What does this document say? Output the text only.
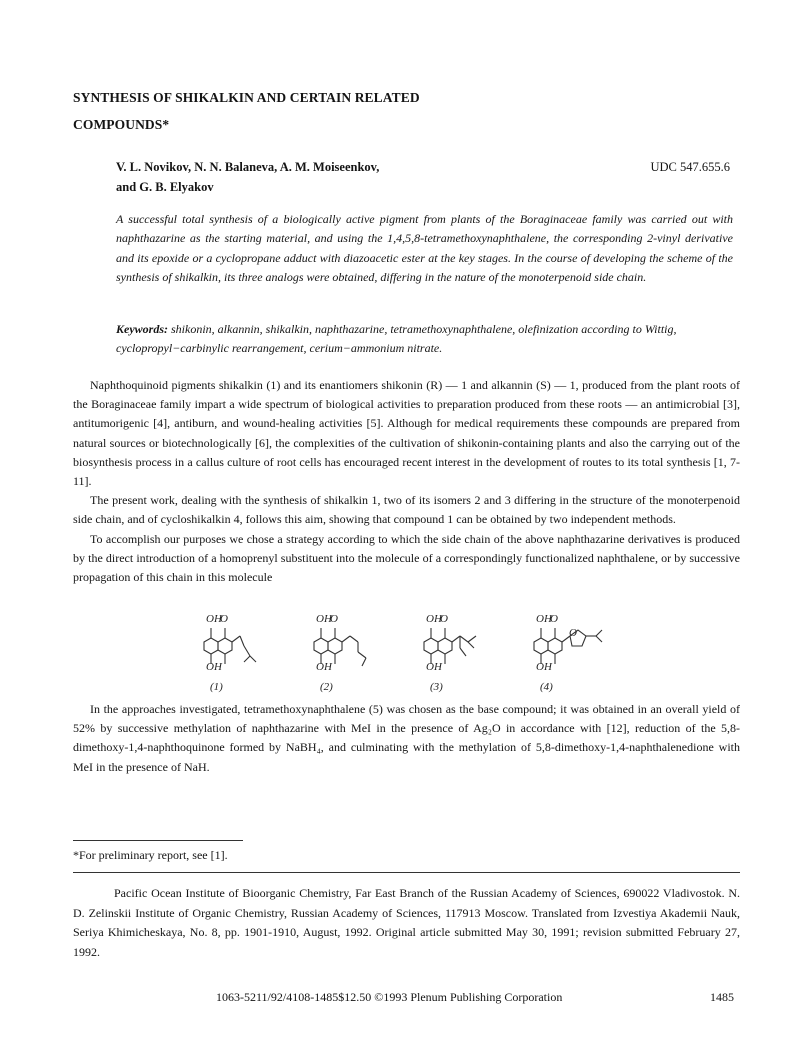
SYNTHESIS OF SHIKALKIN AND CERTAIN RELATED
COMPOUNDS*
V. L. Novikov, N. N. Balaneva, A. M. Moiseenkov,
and G. B. Elyakov
UDC 547.655.6
A successful total synthesis of a biologically active pigment from plants of the Boraginaceae family was carried out with naphthazarine as the starting material, and using the 1,4,5,8-tetramethoxynaphthalene, the corresponding 2-vinyl derivative and its epoxide or a cyclopropane adduct with diazoacetic ester at the key stages. In the course of developing the scheme of the synthesis of shikalkin, its three analogs were obtained, differing in the nature of the monoterpenoid side chain.
Keywords: shikonin, alkannin, shikalkin, naphthazarine, tetramethoxynaphthalene, olefinization according to Wittig, cyclopropyl−carbinylic rearrangement, cerium−ammonium nitrate.

Naphthoquinoid pigments shikalkin (1) and its enantiomers shikonin (R) — 1 and alkannin (S) — 1, produced from the plant roots of the Boraginaceae family impart a wide spectrum of biological activities to preparation produced from these roots — an antimicrobial [3], antitumorigenic [4], antiburn, and wound-healing activities [5]. Although for medical requirements these compounds are prepared from natural sources or biotechnologically [6], the complexities of the cultivation of shikonin-containing plants and also the carrying out of the biosynthesis process in a callus culture of root cells has encouraged recent interest in the development of routes to its total synthesis [1, 7-11].

The present work, dealing with the synthesis of shikalkin 1, two of its isomers 2 and 3 differing in the structure of the monoterpenoid side chain, and of cycloshikalkin 4, follows this aim, showing that compound 1 can be obtained by two independent methods.

To accomplish our purposes we chose a strategy according to which the side chain of the above naphthazarine derivatives is produced by the direct introduction of a homoprenyl substituent into the molecule of a correspondingly functionalized naphthalene, or by successive propagation of this chain in this molecule

OH
O
OH
OH
O
OH
OH
O
OH
OH
O
OH
O
(1)	(2)	(3)	(4)

In the approaches investigated, tetramethoxynaphthalene (5) was chosen as the base compound; it was obtained in an overall yield of 52% by successive methylation of naphthazarine with MeI in the presence of Ag₂O in accordance with [12], reduction of the 5,8-dimethoxy-1,4-naphthoquinone formed by NaBH₄, and culminating with the methylation of 5,8-dimethoxy-1,4-naphthalenedione with MeI in the presence of NaH.

*For preliminary report, see [1].

Pacific Ocean Institute of Bioorganic Chemistry, Far East Branch of the Russian Academy of Sciences, 690022 Vladivostok. N. D. Zelinskii Institute of Organic Chemistry, Russian Academy of Sciences, 117913 Moscow. Translated from Izvestiya Akademii Nauk, Seriya Khimicheskaya, No. 8, pp. 1901-1910, August, 1992. Original article submitted May 30, 1991; revision submitted February 27, 1992.

1063-5211/92/4108-1485$12.50 ©1993 Plenum Publishing Corporation	1485
